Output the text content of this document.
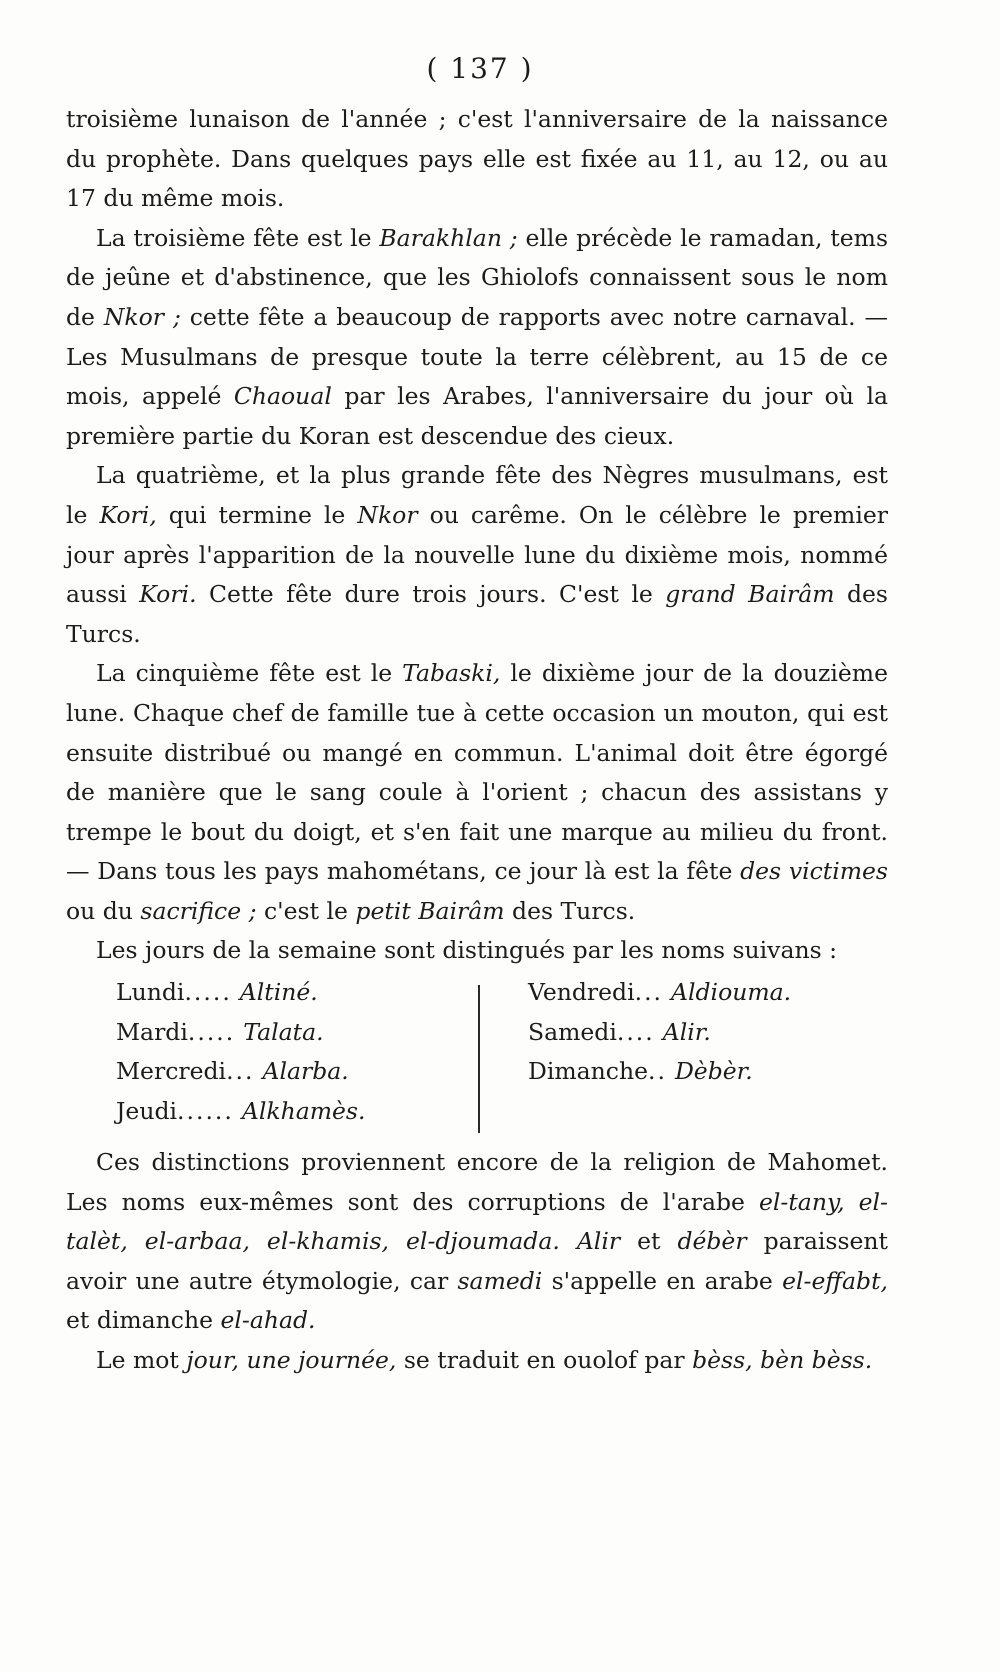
( 137 )

troisième lunaison de l'année ; c'est l'anniversaire de la naissance du prophète. Dans quelques pays elle est fixée au 11, au 12, ou au 17 du même mois.

La troisième fête est le Barakhlan ; elle précède le ramadan, tems de jeûne et d'abstinence, que les Ghiolofs connaissent sous le nom de Nkor ; cette fête a beaucoup de rapports avec notre carnaval. — Les Musulmans de presque toute la terre célèbrent, au 15 de ce mois, appelé Chaoual par les Arabes, l'anniversaire du jour où la première partie du Koran est descendue des cieux.

La quatrième, et la plus grande fête des Nègres musulmans, est le Kori, qui termine le Nkor ou carême. On le célèbre le premier jour après l'apparition de la nouvelle lune du dixième mois, nommé aussi Kori. Cette fête dure trois jours. C'est le grand Bairâm des Turcs.

La cinquième fête est le Tabaski, le dixième jour de la douzième lune. Chaque chef de famille tue à cette occasion un mouton, qui est ensuite distribué ou mangé en commun. L'animal doit être égorgé de manière que le sang coule à l'orient ; chacun des assistans y trempe le bout du doigt, et s'en fait une marque au milieu du front. — Dans tous les pays mahométans, ce jour là est la fête des victimes ou du sacrifice ; c'est le petit Bairâm des Turcs.

Les jours de la semaine sont distingués par les noms suivans :

Lundi..... Altiné.
Mardi..... Talata.
Mercredi... Alarba.
Jeudi...... Alkhamès.
Vendredi... Aldiouma.
Samedi.... Alir.
Dimanche.. Dèbèr.

Ces distinctions proviennent encore de la religion de Mahomet. Les noms eux-mêmes sont des corruptions de l'arabe el-tany, el-talèt, el-arbaa, el-khamis, el-djoumada. Alir et débèr paraissent avoir une autre étymologie, car samedi s'appelle en arabe el-effabt, et dimanche el-ahad.

Le mot jour, une journée, se traduit en ouolof par bèss, bèn bèss.
